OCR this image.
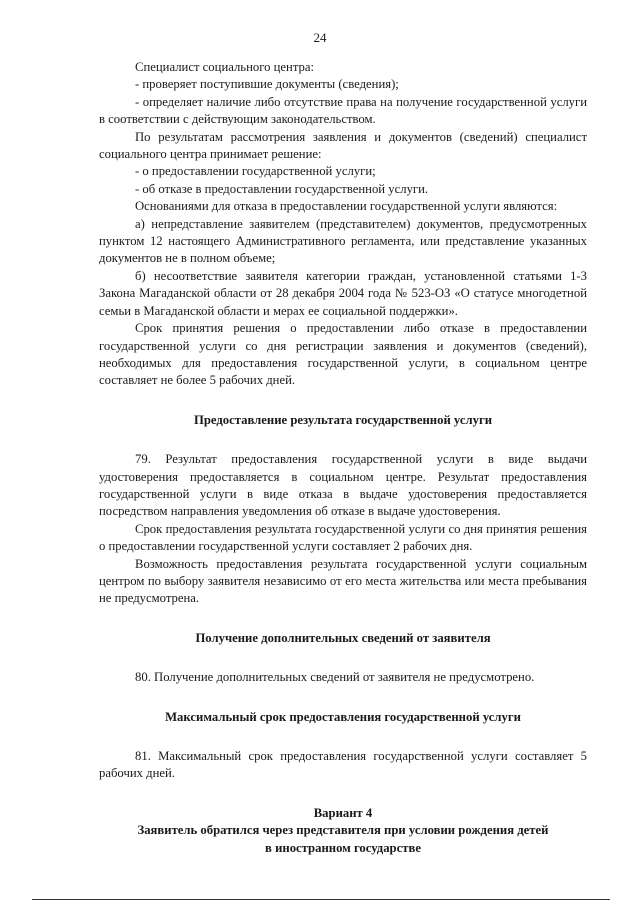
24

Специалист социального центра:

- проверяет поступившие документы (сведения);

- определяет наличие либо отсутствие права на получение государственной услуги в соответствии с действующим законодательством.

По результатам рассмотрения заявления и документов (сведений) специалист социального центра принимает решение:

- о предоставлении государственной услуги;

- об отказе в предоставлении государственной услуги.

Основаниями для отказа в предоставлении государственной услуги являются:

а) непредставление заявителем (представителем) документов, предусмотренных пунктом 12 настоящего Административного регламента, или представление указанных документов не в полном объеме;

б) несоответствие заявителя категории граждан, установленной статьями 1-3 Закона Магаданской области от 28 декабря 2004 года № 523-ОЗ «О статусе многодетной семьи в Магаданской области и мерах ее социальной поддержки».

Срок принятия решения о предоставлении либо отказе в предоставлении государственной услуги со дня регистрации заявления и документов (сведений), необходимых для предоставления государственной услуги, в социальном центре составляет не более 5 рабочих дней.

Предоставление результата государственной услуги

79. Результат предоставления государственной услуги в виде выдачи удостоверения предоставляется в социальном центре. Результат предоставления государственной услуги в виде отказа в выдаче удостоверения предоставляется посредством направления уведомления об отказе в выдаче удостоверения.

Срок предоставления результата государственной услуги со дня принятия решения о предоставлении государственной услуги составляет 2 рабочих дня.

Возможность предоставления результата государственной услуги социальным центром по выбору заявителя независимо от его места жительства или места пребывания не предусмотрена.

Получение дополнительных сведений от заявителя

80. Получение дополнительных сведений от заявителя не предусмотрено.

Максимальный срок предоставления государственной услуги

81. Максимальный срок предоставления государственной услуги составляет 5 рабочих дней.

Вариант 4

Заявитель обратился через представителя при условии рождения детей

в иностранном государстве
